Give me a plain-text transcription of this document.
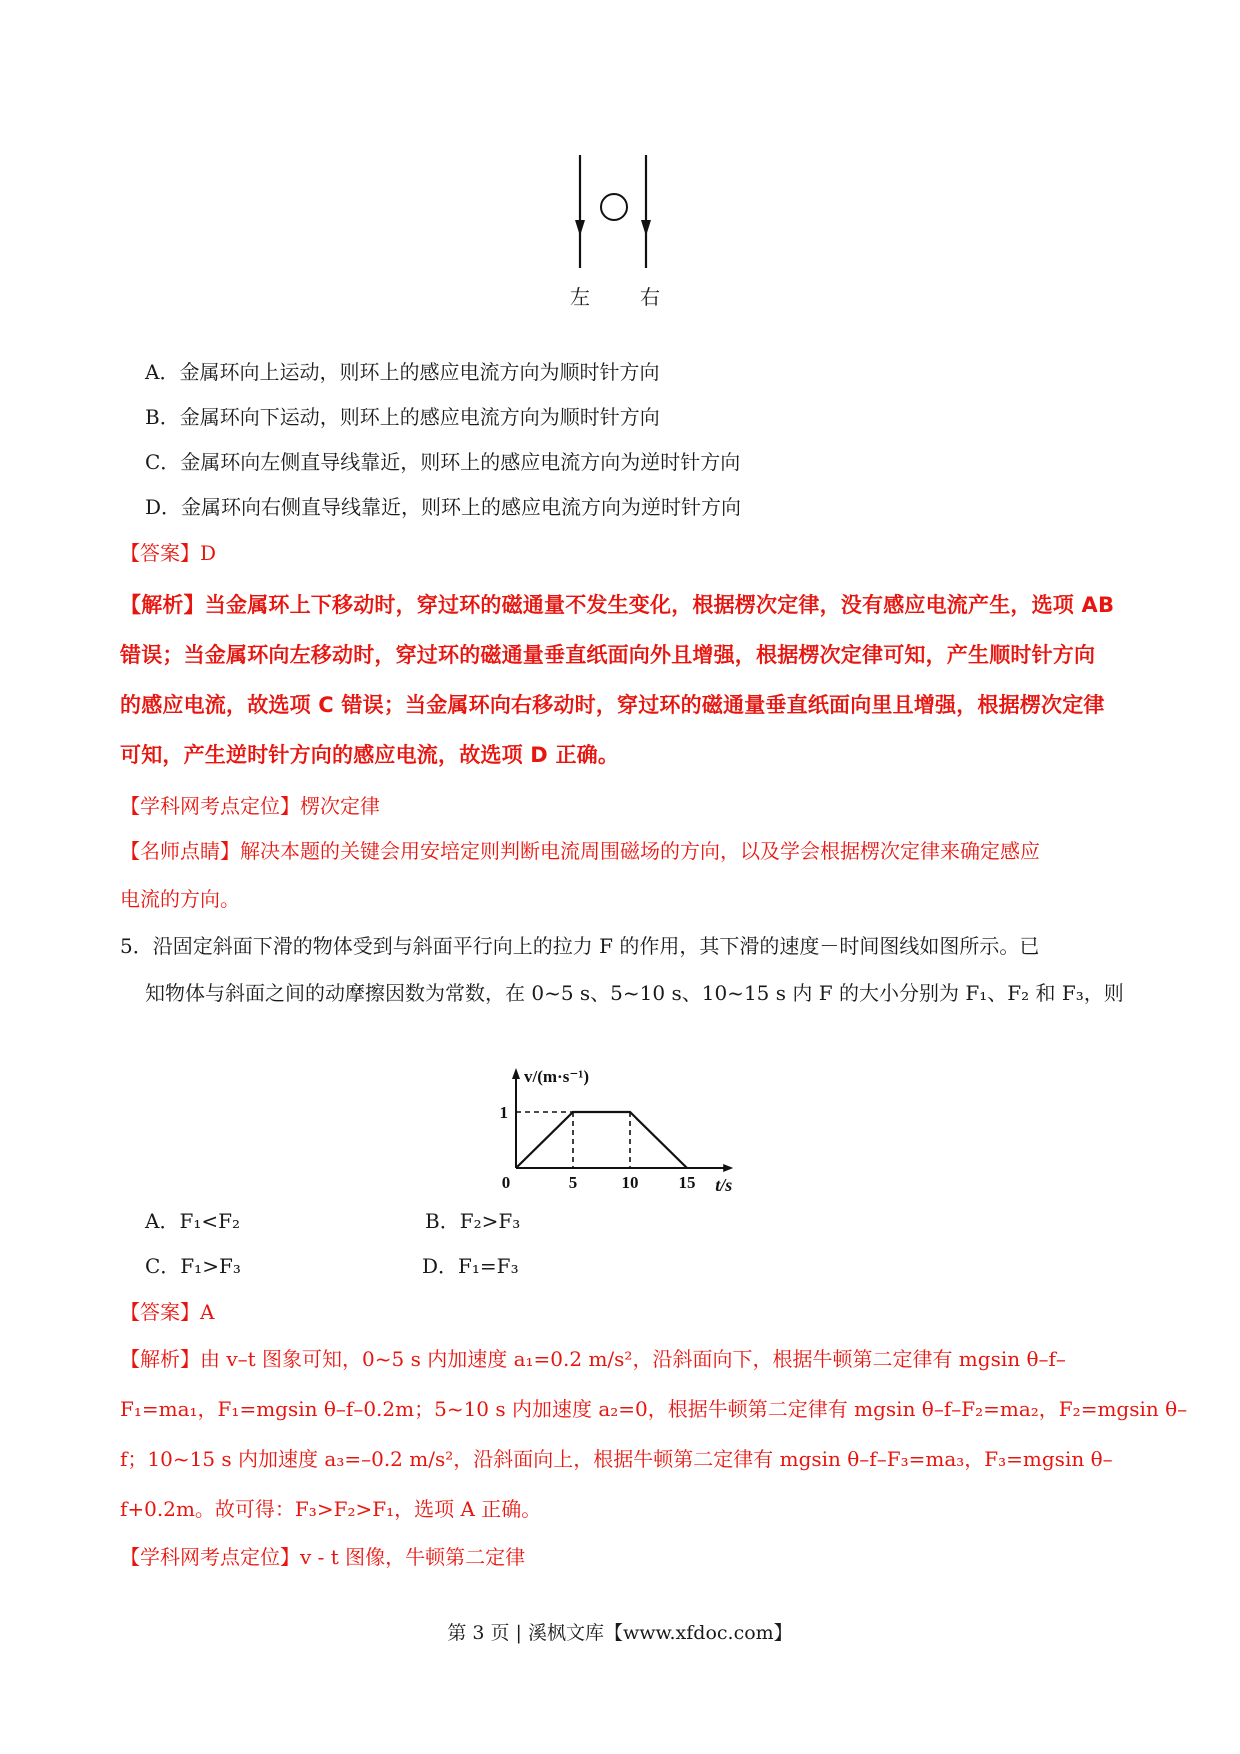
左	右
A．金属环向上运动，则环上的感应电流方向为顺时针方向
B．金属环向下运动，则环上的感应电流方向为顺时针方向
C．金属环向左侧直导线靠近，则环上的感应电流方向为逆时针方向
D．金属环向右侧直导线靠近，则环上的感应电流方向为逆时针方向
【答案】D
【解析】当金属环上下移动时，穿过环的磁通量不发生变化，根据楞次定律，没有感应电流产生，选项 AB
错误；当金属环向左移动时，穿过环的磁通量垂直纸面向外且增强，根据楞次定律可知，产生顺时针方向
的感应电流，故选项 C 错误；当金属环向右移动时，穿过环的磁通量垂直纸面向里且增强，根据楞次定律
可知，产生逆时针方向的感应电流，故选项 D 正确。
【学科网考点定位】楞次定律
【名师点睛】解决本题的关键会用安培定则判断电流周围磁场的方向，以及学会根据楞次定律来确定感应
电流的方向。
5．沿固定斜面下滑的物体受到与斜面平行向上的拉力 F 的作用，其下滑的速度－时间图线如图所示。已
知物体与斜面之间的动摩擦因数为常数，在 0~5 s、5~10 s、10~15 s 内 F 的大小分别为 F₁、F₂ 和 F₃，则
v/(m·s⁻¹)
t/s
0	5	10 15
1
A．F₁<F₂	B．F₂>F₃
C．F₁>F₃	D．F₁=F₃
【答案】A
【解析】由 v–t 图象可知，0~5 s 内加速度 a₁=0.2 m/s²，沿斜面向下，根据牛顿第二定律有 mgsin θ–f–
F₁=ma₁，F₁=mgsin θ–f–0.2m；5~10 s 内加速度 a₂=0，根据牛顿第二定律有 mgsin θ–f–F₂=ma₂，F₂=mgsin θ–
f；10~15 s 内加速度 a₃=–0.2 m/s²，沿斜面向上，根据牛顿第二定律有 mgsin θ–f–F₃=ma₃，F₃=mgsin θ–
f+0.2m。故可得：F₃>F₂>F₁，选项 A 正确。
【学科网考点定位】v - t 图像，牛顿第二定律
第 3 页 | 溪枫文库【www.xfdoc.com】
